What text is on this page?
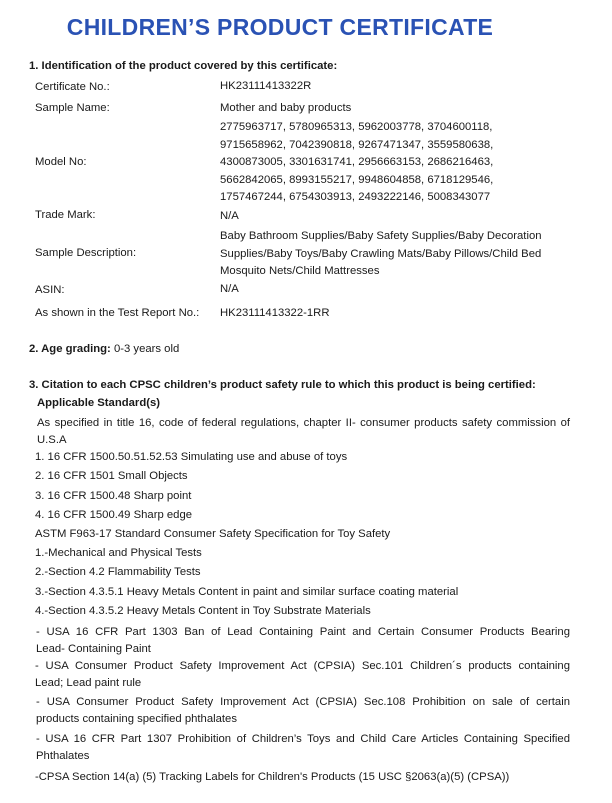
CHILDREN’S PRODUCT CERTIFICATE
1. Identification of the product covered by this certificate:
Certificate No.:	HK23111413322R
Sample Name:	Mother and baby products
Model No:
2775963717, 5780965313, 5962003778, 3704600118,
9715658962, 7042390818, 9267471347, 3559580638,
4300873005, 3301631741, 2956663153, 2686216463,
5662842065, 8993155217, 9948604858, 6718129546,
1757467244, 6754303913, 2493222146, 5008343077
Trade Mark:	N/A
Sample Description:
Baby Bathroom Supplies/Baby Safety Supplies/Baby Decoration
Supplies/Baby Toys/Baby Crawling Mats/Baby Pillows/Child Bed
Mosquito Nets/Child Mattresses
ASIN:	N/A
As shown in the Test Report No.: HK23111413322-1RR
2. Age grading: 0-3 years old
3. Citation to each CPSC children’s product safety rule to which this product is being certified:
Applicable Standard(s)
As specified in title 16, code of federal regulations, chapter II- consumer products safety commission of U.S.A
1. 16 CFR 1500.50.51.52.53 Simulating use and abuse of toys
2. 16 CFR 1501 Small Objects
3. 16 CFR 1500.48 Sharp point
4. 16 CFR 1500.49 Sharp edge
ASTM F963-17 Standard Consumer Safety Specification for Toy Safety
1.-Mechanical and Physical Tests
2.-Section 4.2 Flammability Tests
3.-Section 4.3.5.1 Heavy Metals Content in paint and similar surface coating material
4.-Section 4.3.5.2 Heavy Metals Content in Toy Substrate Materials
- USA 16 CFR Part 1303 Ban of Lead Containing Paint and Certain Consumer Products Bearing
Lead- Containing Paint
- USA Consumer Product Safety Improvement Act (CPSIA) Sec.101 Children´s products containing
Lead; Lead paint rule
- USA Consumer Product Safety Improvement Act (CPSIA) Sec.108 Prohibition on sale of certain
products containing specified phthalates
- USA 16 CFR Part 1307 Prohibition of Children’s Toys and Child Care Articles Containing Specified
Phthalates
-CPSA Section 14(a) (5) Tracking Labels for Children's Products (15 USC §2063(a)(5) (CPSA))
